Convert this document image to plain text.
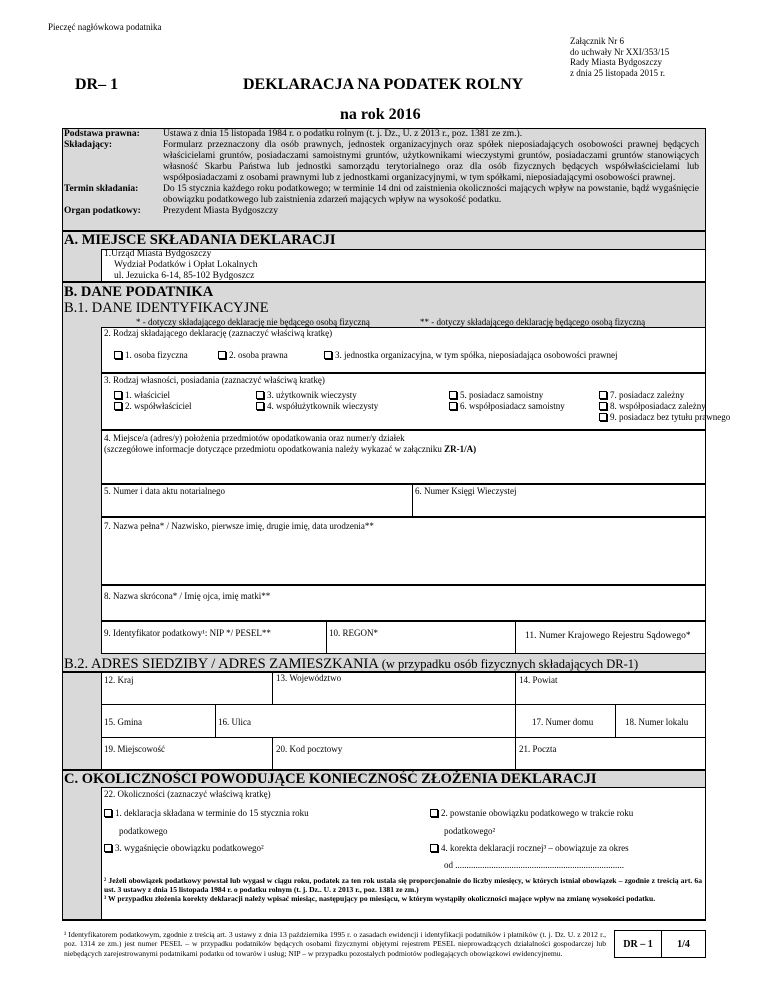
Pieczęć nagłówkowa podatnika
Załącznik Nr 6
do uchwały Nr XXI/353/15
Rady Miasta Bydgoszczy
z dnia 25 listopada 2015 r.
DR– 1	DEKLARACJA NA PODATEK ROLNY
na rok 2016
Podstawa prawna:	Ustawa z dnia 15 listopada 1984 r. o podatku rolnym (t. j. Dz., U. z 2013 r., poz. 1381 ze zm.).
Składający:	Formularz przeznaczony dla osób prawnych, jednostek organizacyjnych oraz spółek nieposiadających osobowości prawnej będących właścicielami gruntów, posiadaczami samoistnymi gruntów, użytkownikami wieczystymi gruntów, posiadaczami gruntów stanowiących własność Skarbu Państwa lub jednostki samorządu terytorialnego oraz dla osób fizycznych będących współwłaścicielami lub współposiadaczami z osobami prawnymi lub z jednostkami organizacyjnymi, w tym spółkami, nieposiadającymi osobowości prawnej.
Termin składania:	Do 15 stycznia każdego roku podatkowego; w terminie 14 dni od zaistnienia okoliczności mających wpływ na powstanie, bądź wygaśnięcie obowiązku podatkowego lub zaistnienia zdarzeń mających wpływ na wysokość podatku.
Organ podatkowy:	Prezydent Miasta Bydgoszczy
A. MIEJSCE SKŁADANIA DEKLARACJI
1.Urząd Miasta Bydgoszczy
Wydział Podatków i Opłat Lokalnych
ul. Jezuicka 6-14, 85-102 Bydgoszcz
B. DANE PODATNIKA
B.1. DANE IDENTYFIKACYJNE
* - dotyczy składającego deklarację nie będącego osobą fizyczną	** - dotyczy składającego deklarację będącego osobą fizyczną
2. Rodzaj składającego deklarację (zaznaczyć właściwą kratkę)
1. osoba fizyczna	2. osoba prawna	3. jednostka organizacyjna, w tym spółka, nieposiadająca osobowości prawnej
3. Rodzaj własności, posiadania (zaznaczyć właściwą kratkę)
1. właściciel
2. współwłaściciel
3. użytkownik wieczysty
4. współużytkownik wieczysty
5. posiadacz samoistny
6. współposiadacz samoistny
7. posiadacz zależny
8. współposiadacz zależny
9. posiadacz bez tytułu prawnego
4. Miejsce/a (adres/y) położenia przedmiotów opodatkowania oraz numer/y działek
(szczegółowe informacje dotyczące przedmiotu opodatkowania należy wykazać w załączniku ZR-1/A)
5. Numer i data aktu notarialnego	6. Numer Księgi Wieczystej
7. Nazwa pełna* / Nazwisko, pierwsze imię, drugie imię, data urodzenia**
8. Nazwa skrócona* / Imię ojca, imię matki**
9. Identyfikator podatkowy¹: NIP */ PESEL**	10. REGON*	11. Numer Krajowego Rejestru Sądowego*
B.2. ADRES SIEDZIBY / ADRES ZAMIESZKANIA (w przypadku osób fizycznych składających DR-1)
12. Kraj	13. Województwo	14. Powiat
15. Gmina	16. Ulica	17. Numer domu	18. Numer lokalu
19. Miejscowość	20. Kod pocztowy	21. Poczta
C. OKOLICZNOŚCI POWODUJĄCE KONIECZNOŚĆ ZŁOŻENIA DEKLARACJI
22. Okoliczności (zaznaczyć właściwą kratkę)
1. deklaracja składana w terminie do 15 stycznia roku
podatkowego
2. powstanie obowiązku podatkowego w trakcie roku
podatkowego²
3. wygaśnięcie obowiązku podatkowego²	4. korekta deklaracji rocznej³ – obowiązuje za okres
od ...........................................................................
² Jeżeli obowiązek podatkowy powstał lub wygasł w ciągu roku, podatek za ten rok ustala się proporcjonalnie do liczby miesięcy, w których istniał obowiązek – zgodnie z treścią art. 6a ust. 3 ustawy z dnia 15 listopada 1984 r. o podatku rolnym (t. j. Dz.. U. z 2013 r., poz. 1381 ze zm.)
³ W przypadku złożenia korekty deklaracji należy wpisać miesiąc, następujący po miesiącu, w którym wystąpiły okoliczności mające wpływ na zmianę wysokości podatku.
¹ Identyfikatorem podatkowym, zgodnie z treścią art. 3 ustawy z dnia 13 października 1995 r. o zasadach ewidencji i identyfikacji podatników i płatników (t. j. Dz. U. z 2012 r., poz. 1314 ze zm.) jest numer PESEL – w przypadku podatników będących osobami fizycznymi objętymi rejestrem PESEL nieprowadzących działalności gospodarczej lub niebędących zarejestrowanymi podatnikami podatku od towarów i usług; NIP – w przypadku pozostałych podmiotów podlegających obowiązkowi ewidencyjnemu.
DR – 1	1/4
